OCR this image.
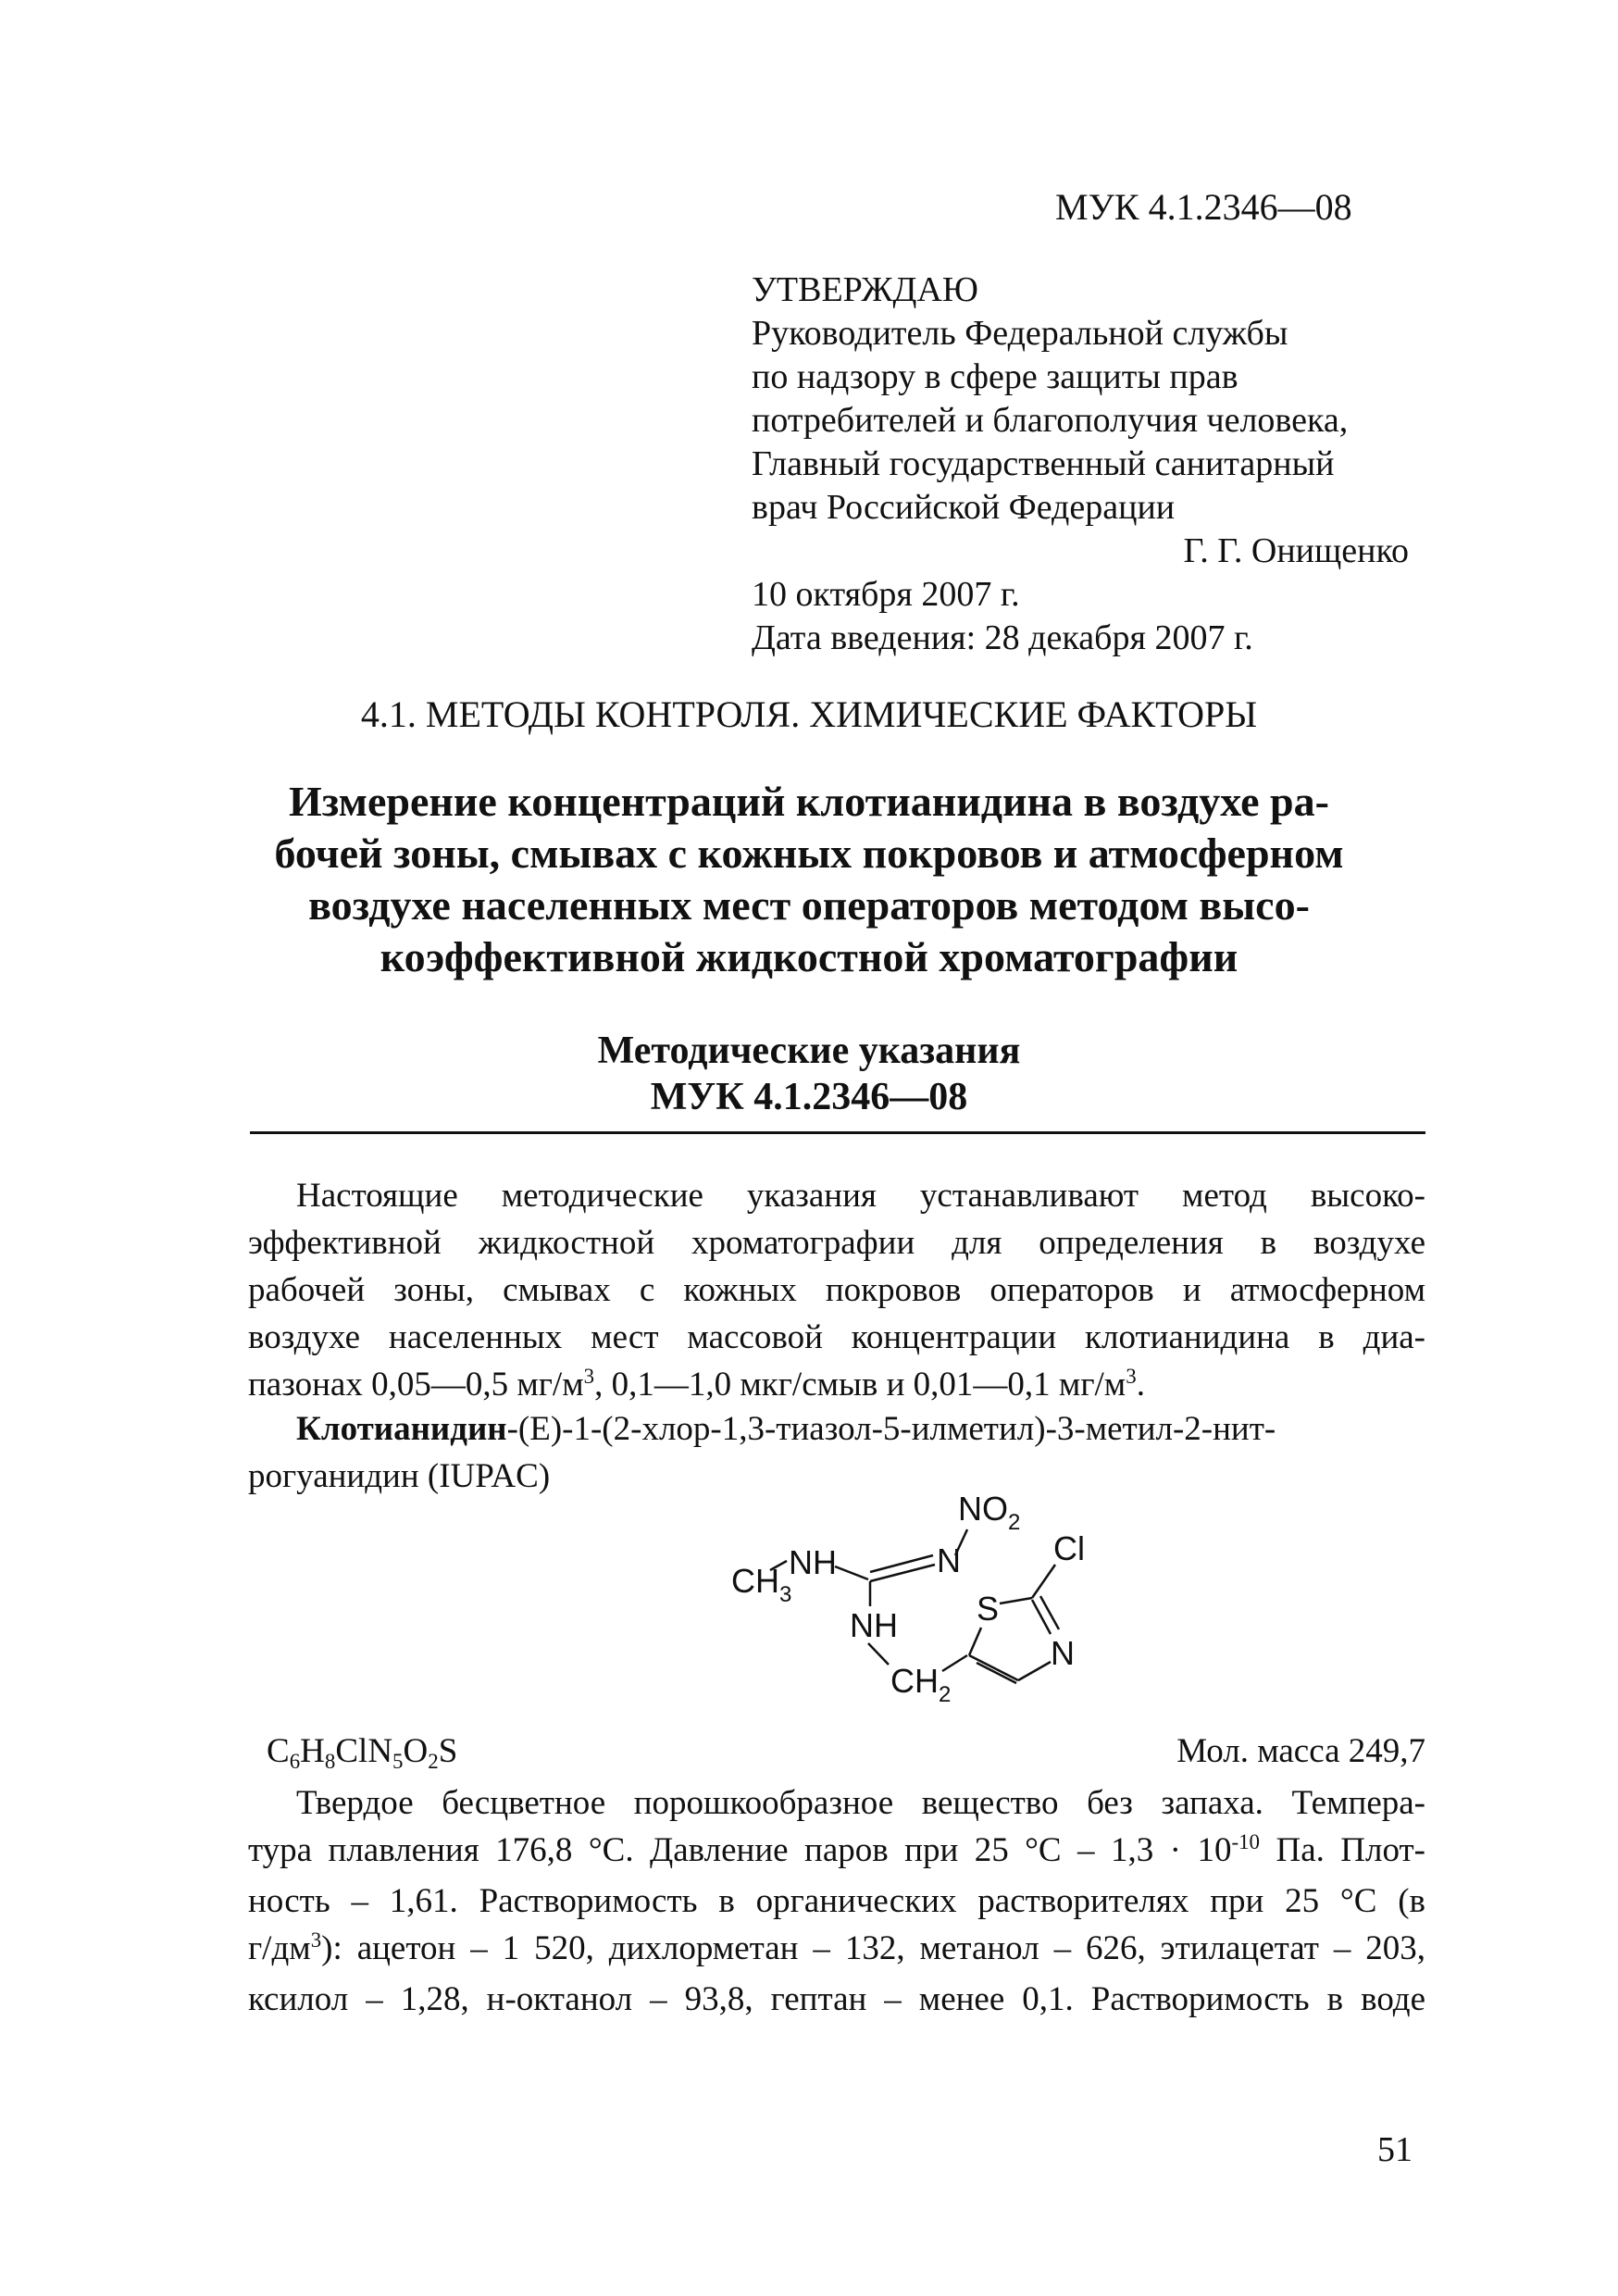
МУК 4.1.2346—08
УТВЕРЖДАЮ
Руководитель Федеральной службы
по надзору в сфере защиты прав
потребителей и благополучия человека,
Главный государственный санитарный
врач Российской Федерации
Г. Г. Онищенко
10 октября 2007 г.
Дата введения: 28 декабря 2007 г.
4.1. МЕТОДЫ КОНТРОЛЯ. ХИМИЧЕСКИЕ ФАКТОРЫ
Измерение концентраций клотианидина в воздухе ра-
бочей зоны, смывах с кожных покровов и атмосферном
воздухе населенных мест операторов методом высо-
коэффективной жидкостной хроматографии
Методические указания
МУК 4.1.2346—08
Настоящие методические указания устанавливают метод высоко-
эффективной жидкостной хроматографии для определения в воздухе
рабочей зоны, смывах с кожных покровов операторов и атмосферном
воздухе населенных мест массовой концентрации клотианидина в диа-
пазонах 0,05—0,5 $мг/м^3$, 0,1—1,0 мкг/смыв и 0,01—0,1 $мг/м^3$.
Клотианидин-(E)-1-(2-хлор-1,3-тиазол-5-илметил)-3-метил-2-нит-
рогуанидин (IUPAC)
$NO_2$
$CH_3$
NH	N
NH
$CH_2$
S
N
Cl
$C_6H_8ClN_5O_2S$	Мол. масса 249,7
Твердое бесцветное порошкообразное вещество без запаха. Темпера-
тура плавления 176,8 °С. Давление паров при 25 $^\circ С - 1,3 \cdot 10^{-10}$ Па. Плот-
ность – 1,61. Растворимость в органических растворителях при 25 °С (в
$г/дм^3$): ацетон – 1 520, дихлорметан – 132, метанол – 626, этилацетат – 203,
ксилол – 1,28, н-октанол – 93,8, гептан – менее 0,1. Растворимость в воде
51
